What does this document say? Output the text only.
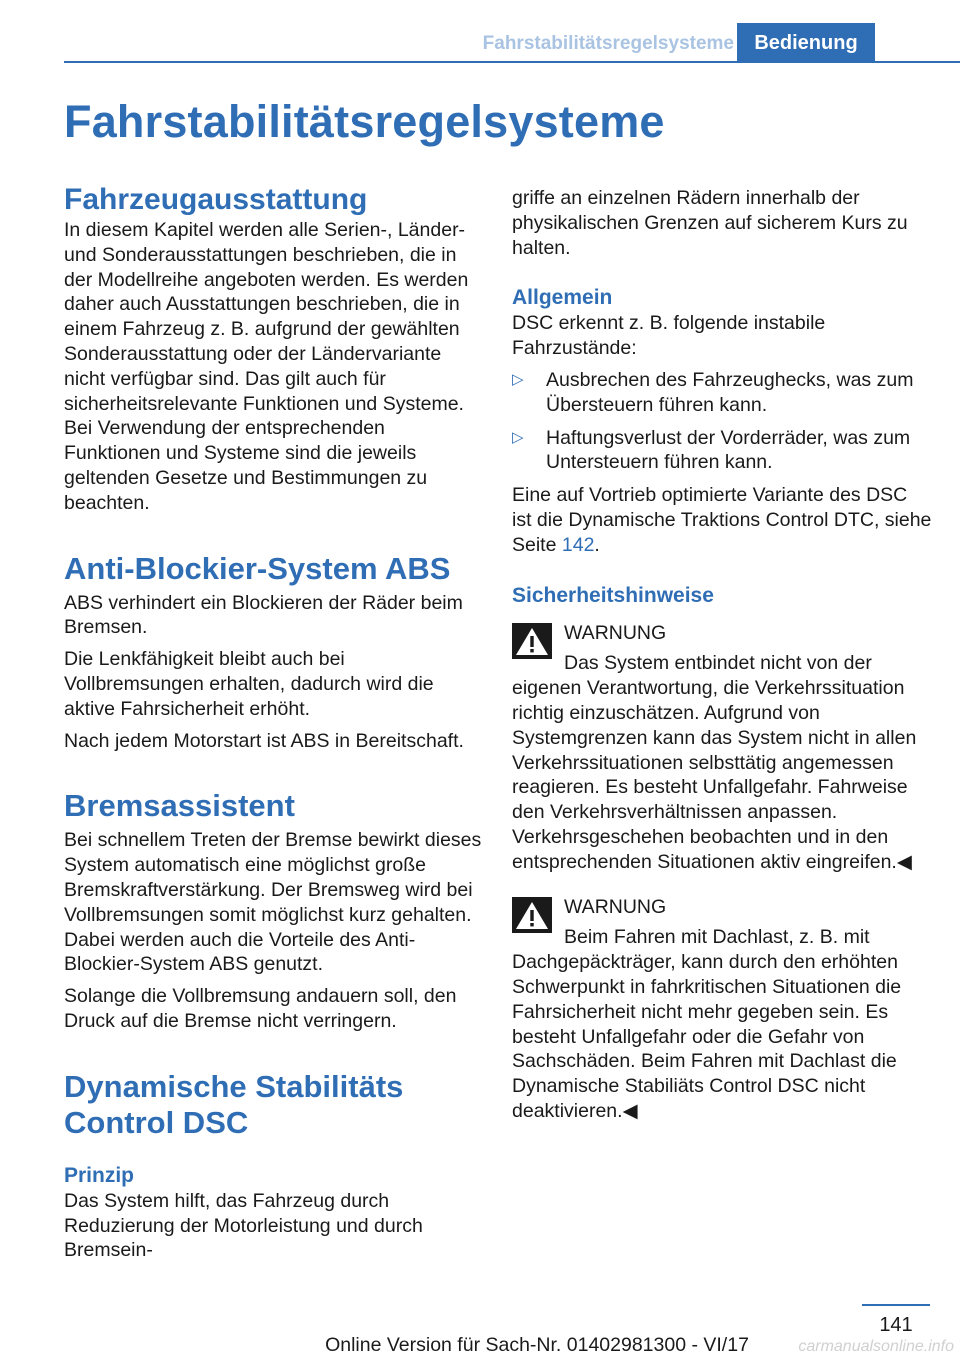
Fahrstabilitätsregelsysteme	Bedienung
Fahrstabilitätsregelsysteme
Fahrzeugausstattung

In diesem Kapitel werden alle Serien-, Länder- und Sonderausstattungen beschrieben, die in der Modellreihe angeboten werden. Es werden daher auch Ausstattungen beschrieben, die in einem Fahrzeug z. B. aufgrund der gewählten Sonderausstattung oder der Ländervariante nicht verfügbar sind. Das gilt auch für sicherheitsrelevante Funktionen und Systeme. Bei Verwendung der entsprechenden Funktionen und Systeme sind die jeweils geltenden Gesetze und Bestimmungen zu beachten.

Anti-Blockier-System ABS

ABS verhindert ein Blockieren der Räder beim Bremsen.

Die Lenkfähigkeit bleibt auch bei Vollbremsungen erhalten, dadurch wird die aktive Fahrsicherheit erhöht.

Nach jedem Motorstart ist ABS in Bereitschaft.

Bremsassistent

Bei schnellem Treten der Bremse bewirkt dieses System automatisch eine möglichst große Bremskraftverstärkung. Der Bremsweg wird bei Vollbremsungen somit möglichst kurz gehalten. Dabei werden auch die Vorteile des Anti-Blockier-System ABS genutzt.

Solange die Vollbremsung andauern soll, den Druck auf die Bremse nicht verringern.

Dynamische Stabilitäts Control DSC
Prinzip

Das System hilft, das Fahrzeug durch Reduzierung der Motorleistung und durch Bremsein-

griffe an einzelnen Rädern innerhalb der physikalischen Grenzen auf sicherem Kurs zu halten.

Allgemein

DSC erkennt z. B. folgende instabile Fahrzustände:

▷ Ausbrechen des Fahrzeughecks, was zum Übersteuern führen kann.
▷ Haftungsverlust der Vorderräder, was zum Untersteuern führen kann.

Eine auf Vortrieb optimierte Variante des DSC ist die Dynamische Traktions Control DTC, siehe Seite 142.

Sicherheitshinweise
WARNUNG

Das System entbindet nicht von der eigenen Verantwortung, die Verkehrssituation richtig einzuschätzen. Aufgrund von Systemgrenzen kann das System nicht in allen Verkehrssituationen selbsttätig angemessen reagieren. Es besteht Unfallgefahr. Fahrweise den Verkehrsverhältnissen anpassen. Verkehrsgeschehen beobachten und in den entsprechenden Situationen aktiv eingreifen.◀

WARNUNG

Beim Fahren mit Dachlast, z. B. mit Dachgepäckträger, kann durch den erhöhten Schwerpunkt in fahrkritischen Situationen die Fahrsicherheit nicht mehr gegeben sein. Es besteht Unfallgefahr oder die Gefahr von Sachschäden. Beim Fahren mit Dachlast die Dynamische Stabiliäts Control DSC nicht deaktivieren.◀

141
Online Version für Sach-Nr. 01402981300 - VI/17	carmanualsonline.info
